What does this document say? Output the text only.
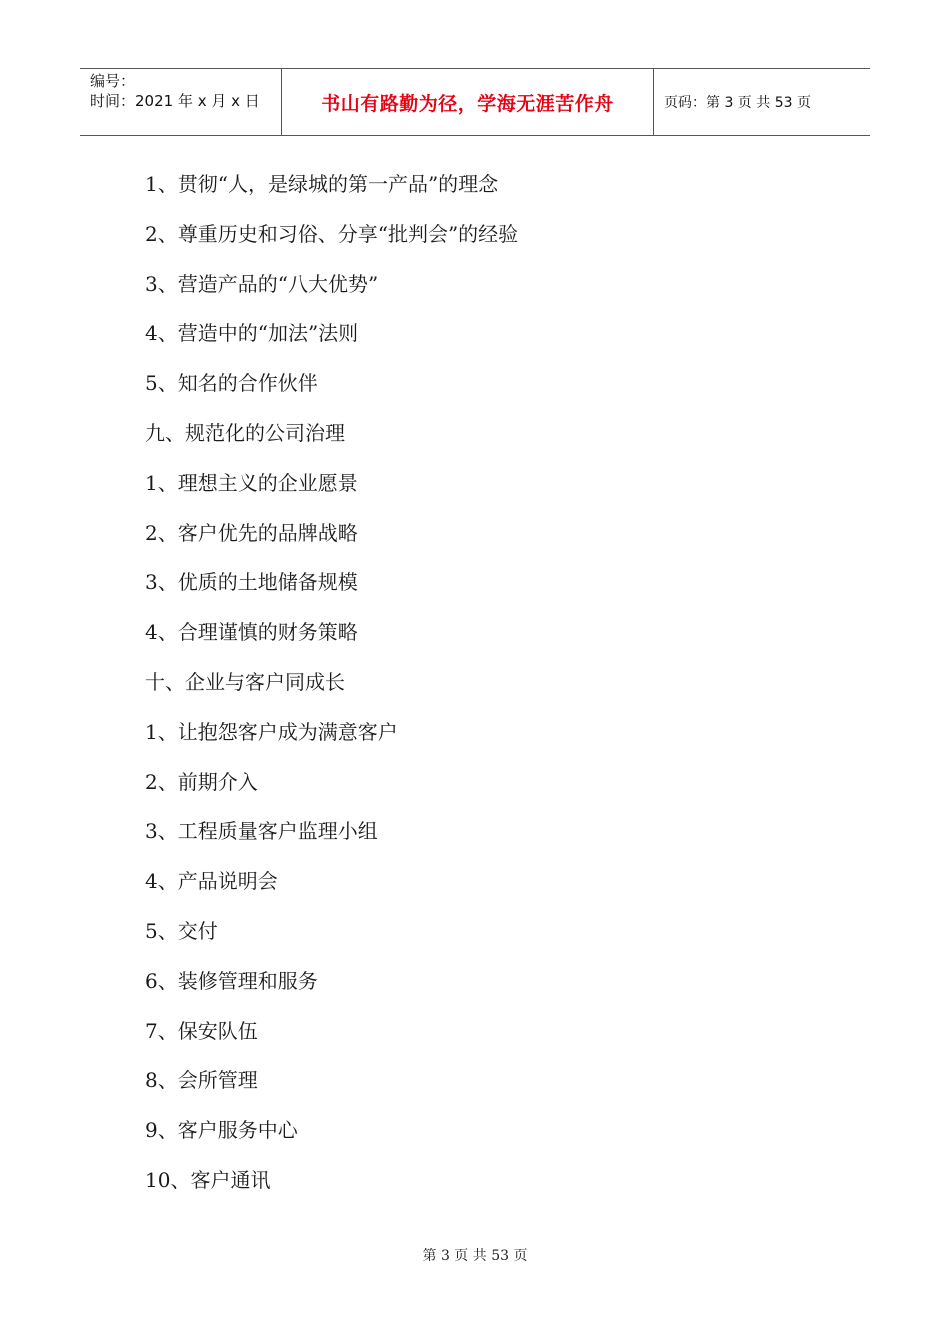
编号：
时间：2021 年 x 月 x 日	书山有路勤为径，学海无涯苦作舟	页码：第 3 页 共 53 页
1、贯彻“人，是绿城的第一产品”的理念
2、尊重历史和习俗、分享“批判会”的经验
3、营造产品的“八大优势”
4、营造中的“加法”法则
5、知名的合作伙伴
九、规范化的公司治理
1、理想主义的企业愿景
2、客户优先的品牌战略
3、优质的土地储备规模
4、合理谨慎的财务策略
十、企业与客户同成长
1、让抱怨客户成为满意客户
2、前期介入
3、工程质量客户监理小组
4、产品说明会
5、交付
6、装修管理和服务
7、保安队伍
8、会所管理
9、客户服务中心
10、客户通讯
第 3 页 共 53 页
